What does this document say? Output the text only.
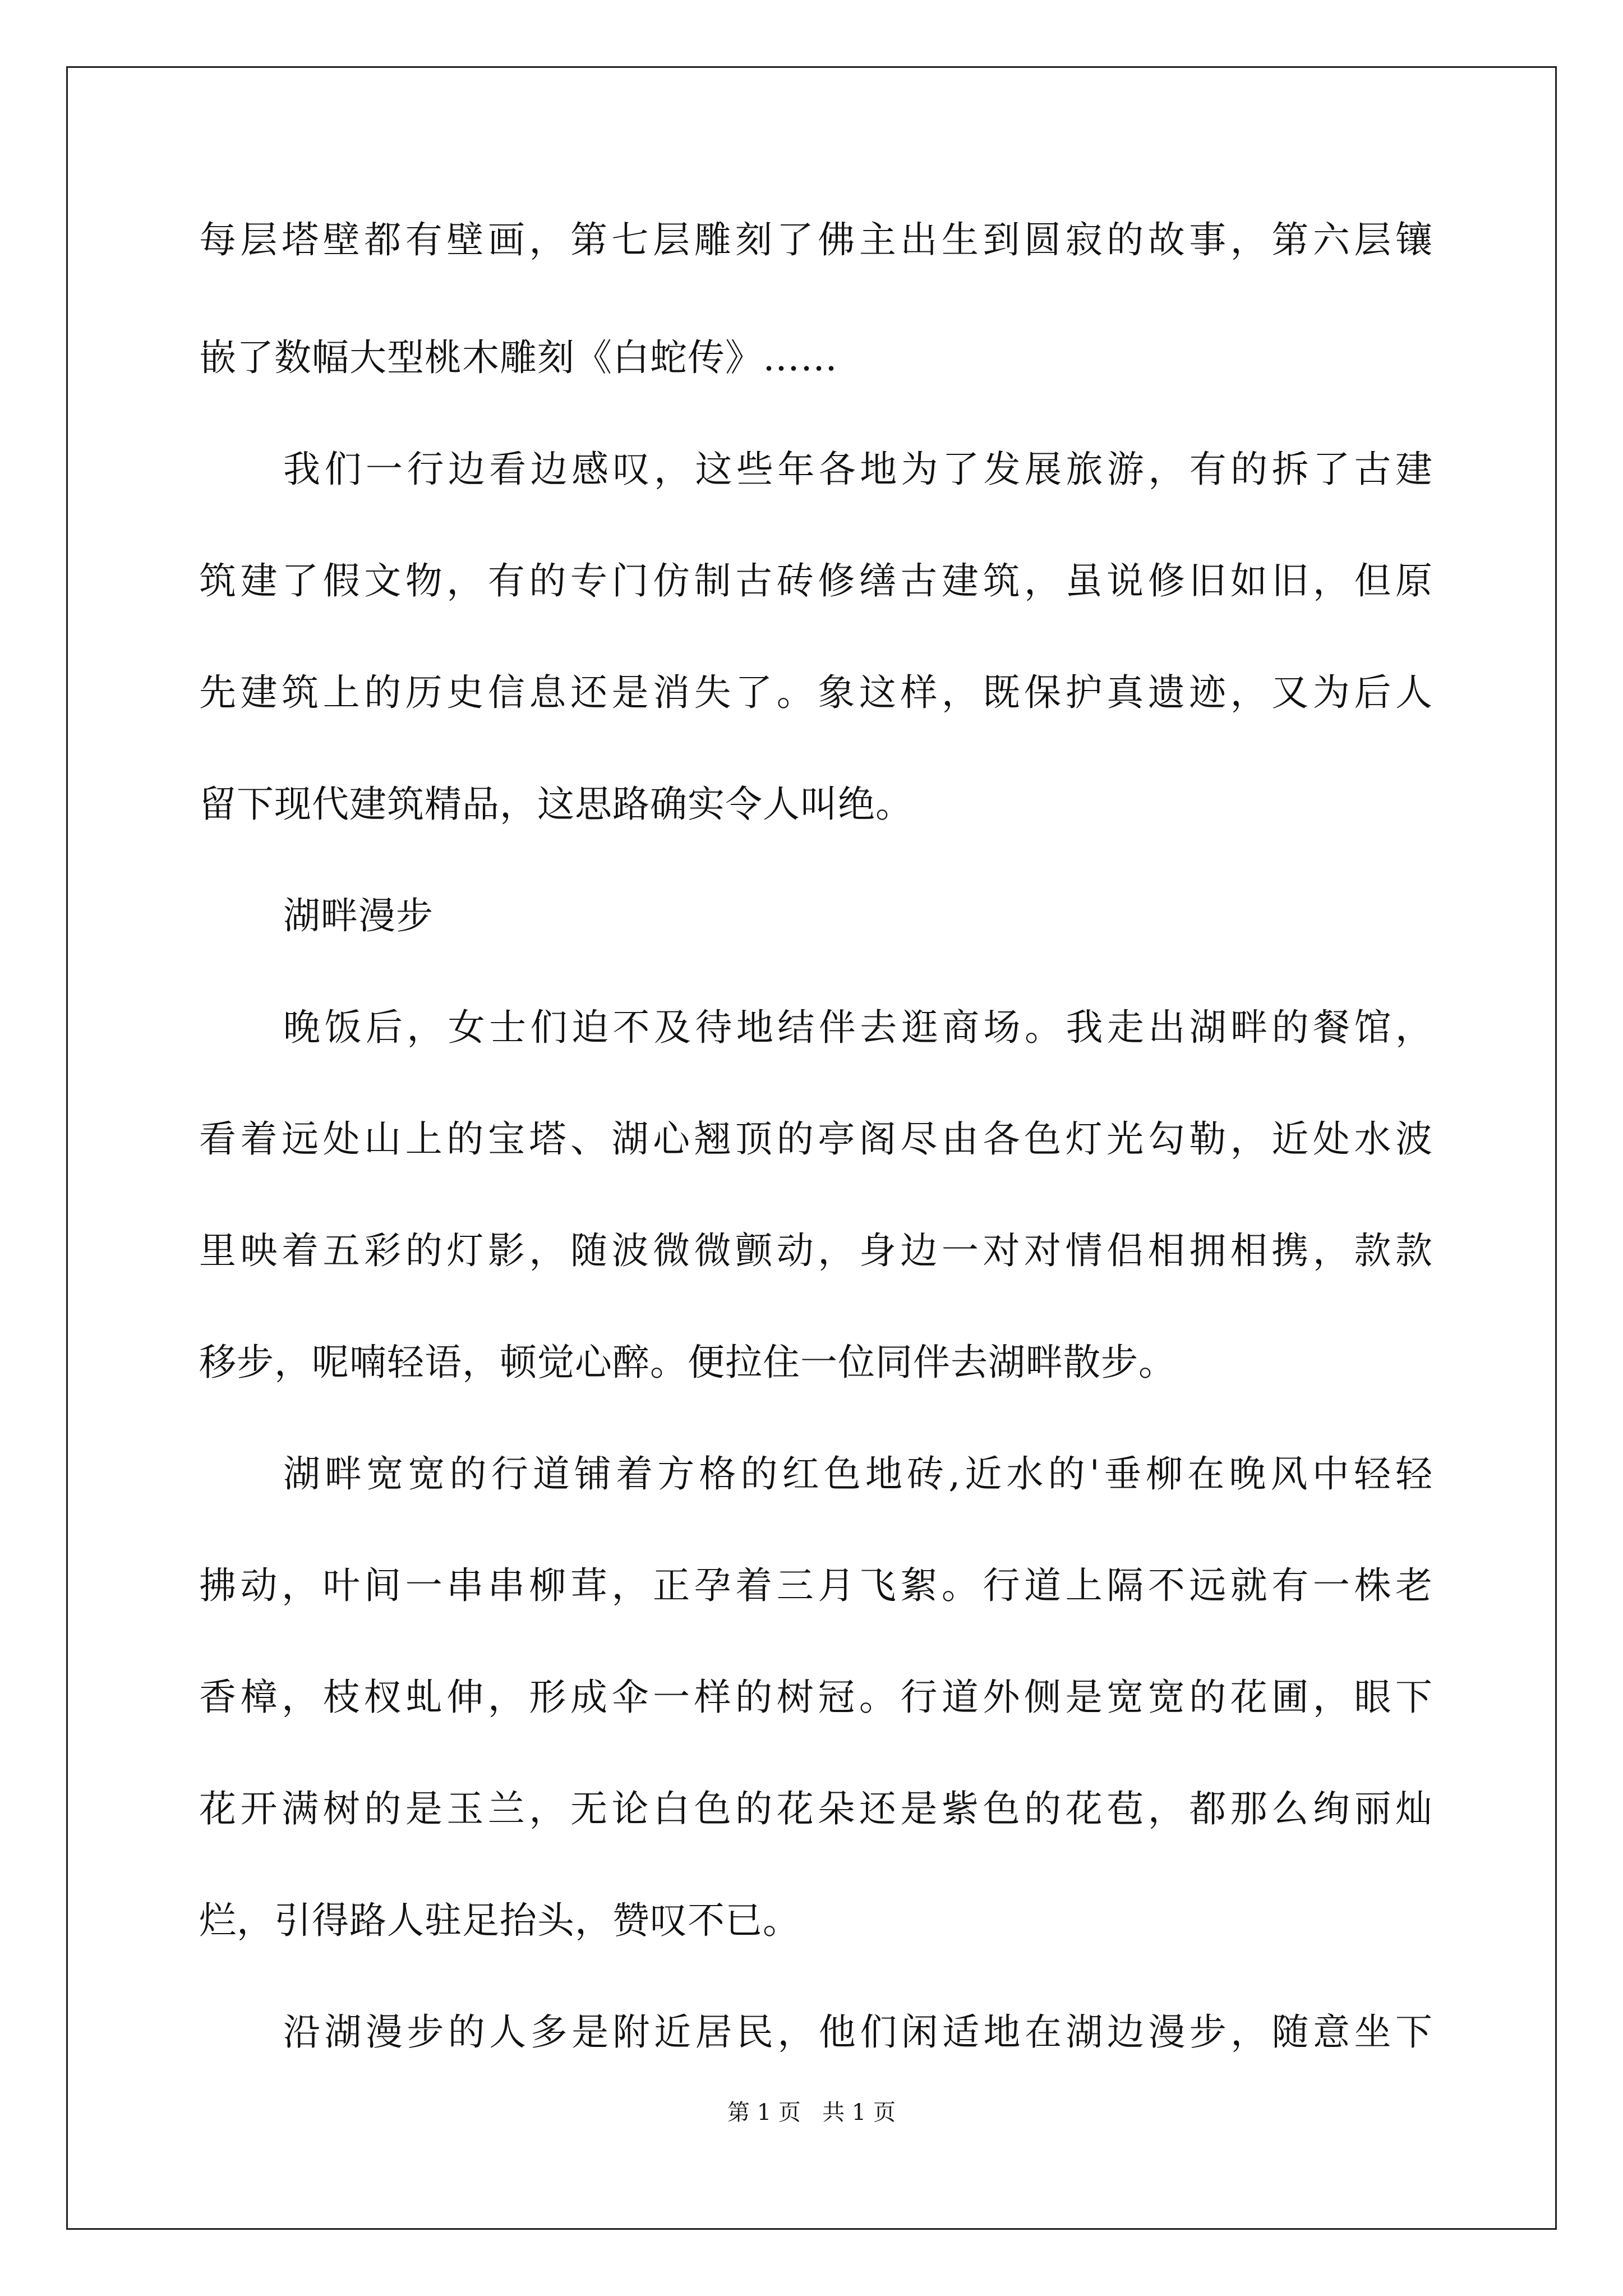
每层塔壁都有壁画，第七层雕刻了佛主出生到圆寂的故事，第六层镶
嵌了数幅大型桃木雕刻《白蛇传》……
我们一行边看边感叹，这些年各地为了发展旅游，有的拆了古建
筑建了假文物，有的专门仿制古砖修缮古建筑，虽说修旧如旧，但原
先建筑上的历史信息还是消失了。象这样，既保护真遗迹，又为后人
留下现代建筑精品，这思路确实令人叫绝。
湖畔漫步
晚饭后，女士们迫不及待地结伴去逛商场。我走出湖畔的餐馆，
看着远处山上的宝塔、湖心翘顶的亭阁尽由各色灯光勾勒，近处水波
里映着五彩的灯影，随波微微颤动，身边一对对情侣相拥相携，款款
移步，呢喃轻语，顿觉心醉。便拉住一位同伴去湖畔散步。
湖畔宽宽的行道铺着方格的红色地砖,近水的'垂柳在晚风中轻轻
拂动，叶间一串串柳茸，正孕着三月飞絮。行道上隔不远就有一株老
香樟，枝杈虬伸，形成伞一样的树冠。行道外侧是宽宽的花圃，眼下
花开满树的是玉兰，无论白色的花朵还是紫色的花苞，都那么绚丽灿
烂，引得路人驻足抬头，赞叹不已。
沿湖漫步的人多是附近居民，他们闲适地在湖边漫步，随意坐下
第 1 页   共 1 页
